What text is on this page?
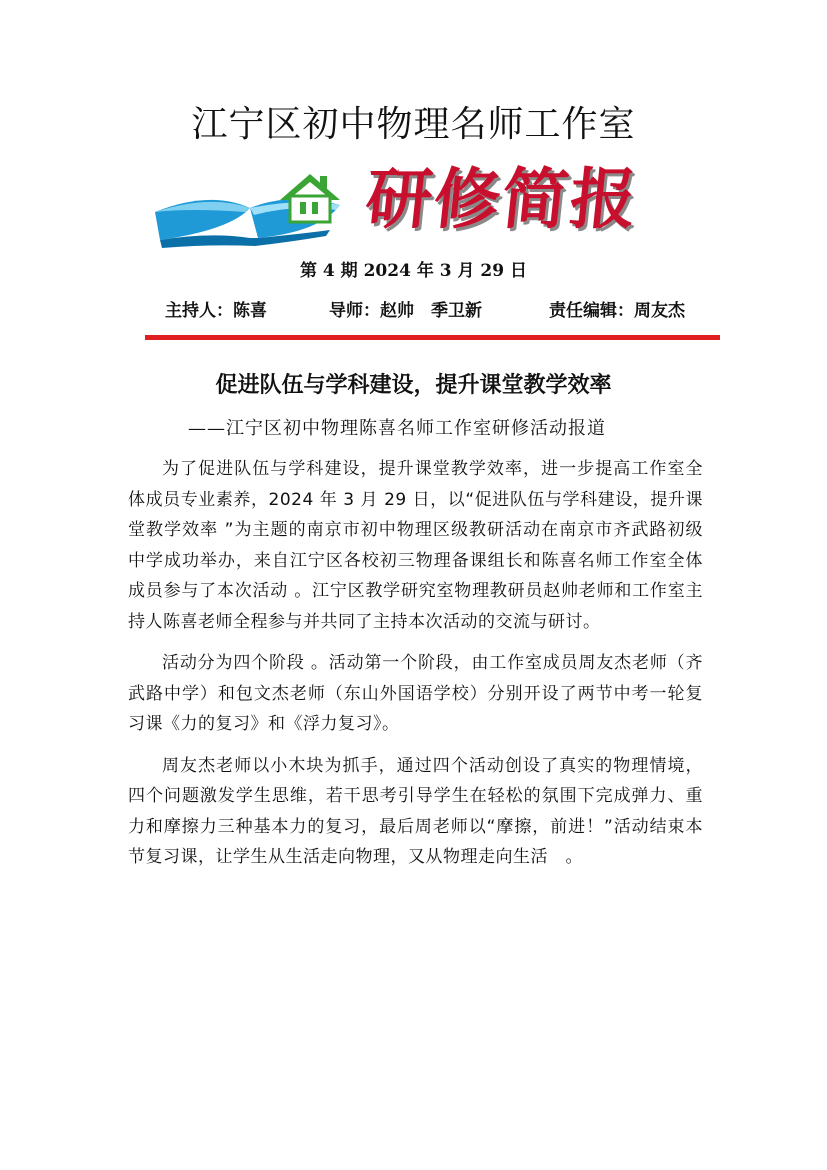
江宁区初中物理名师工作室
研修简报
第 4 期 2024 年 3 月 29 日
主持人：陈喜	导师：赵帅　季卫新	责任编辑：周友杰
促进队伍与学科建设，提升课堂教学效率
——江宁区初中物理陈喜名师工作室研修活动报道

为了促进队伍与学科建设，提升课堂教学效率，进一步提高工作室全体成员专业素养，2024 年 3 月 29 日，以“促进队伍与学科建设，提升课堂教学效率 ”为主题的南京市初中物理区级教研活动在南京市齐武路初级中学成功举办，来自江宁区各校初三物理备课组长和陈喜名师工作室全体成员参与了本次活动 。江宁区教学研究室物理教研员赵帅老师和工作室主持人陈喜老师全程参与并共同了主持本次活动的交流与研讨。

活动分为四个阶段 。活动第一个阶段，由工作室成员周友杰老师（齐武路中学）和包文杰老师（东山外国语学校）分别开设了两节中考一轮复习课《力的复习》和《浮力复习》。

周友杰老师以小木块为抓手，通过四个活动创设了真实的物理情境，四个问题激发学生思维，若干思考引导学生在轻松的氛围下完成弹力、重力和摩擦力三种基本力的复习，最后周老师以“摩擦，前进！”活动结束本节复习课，让学生从生活走向物理，又从物理走向生活　。
